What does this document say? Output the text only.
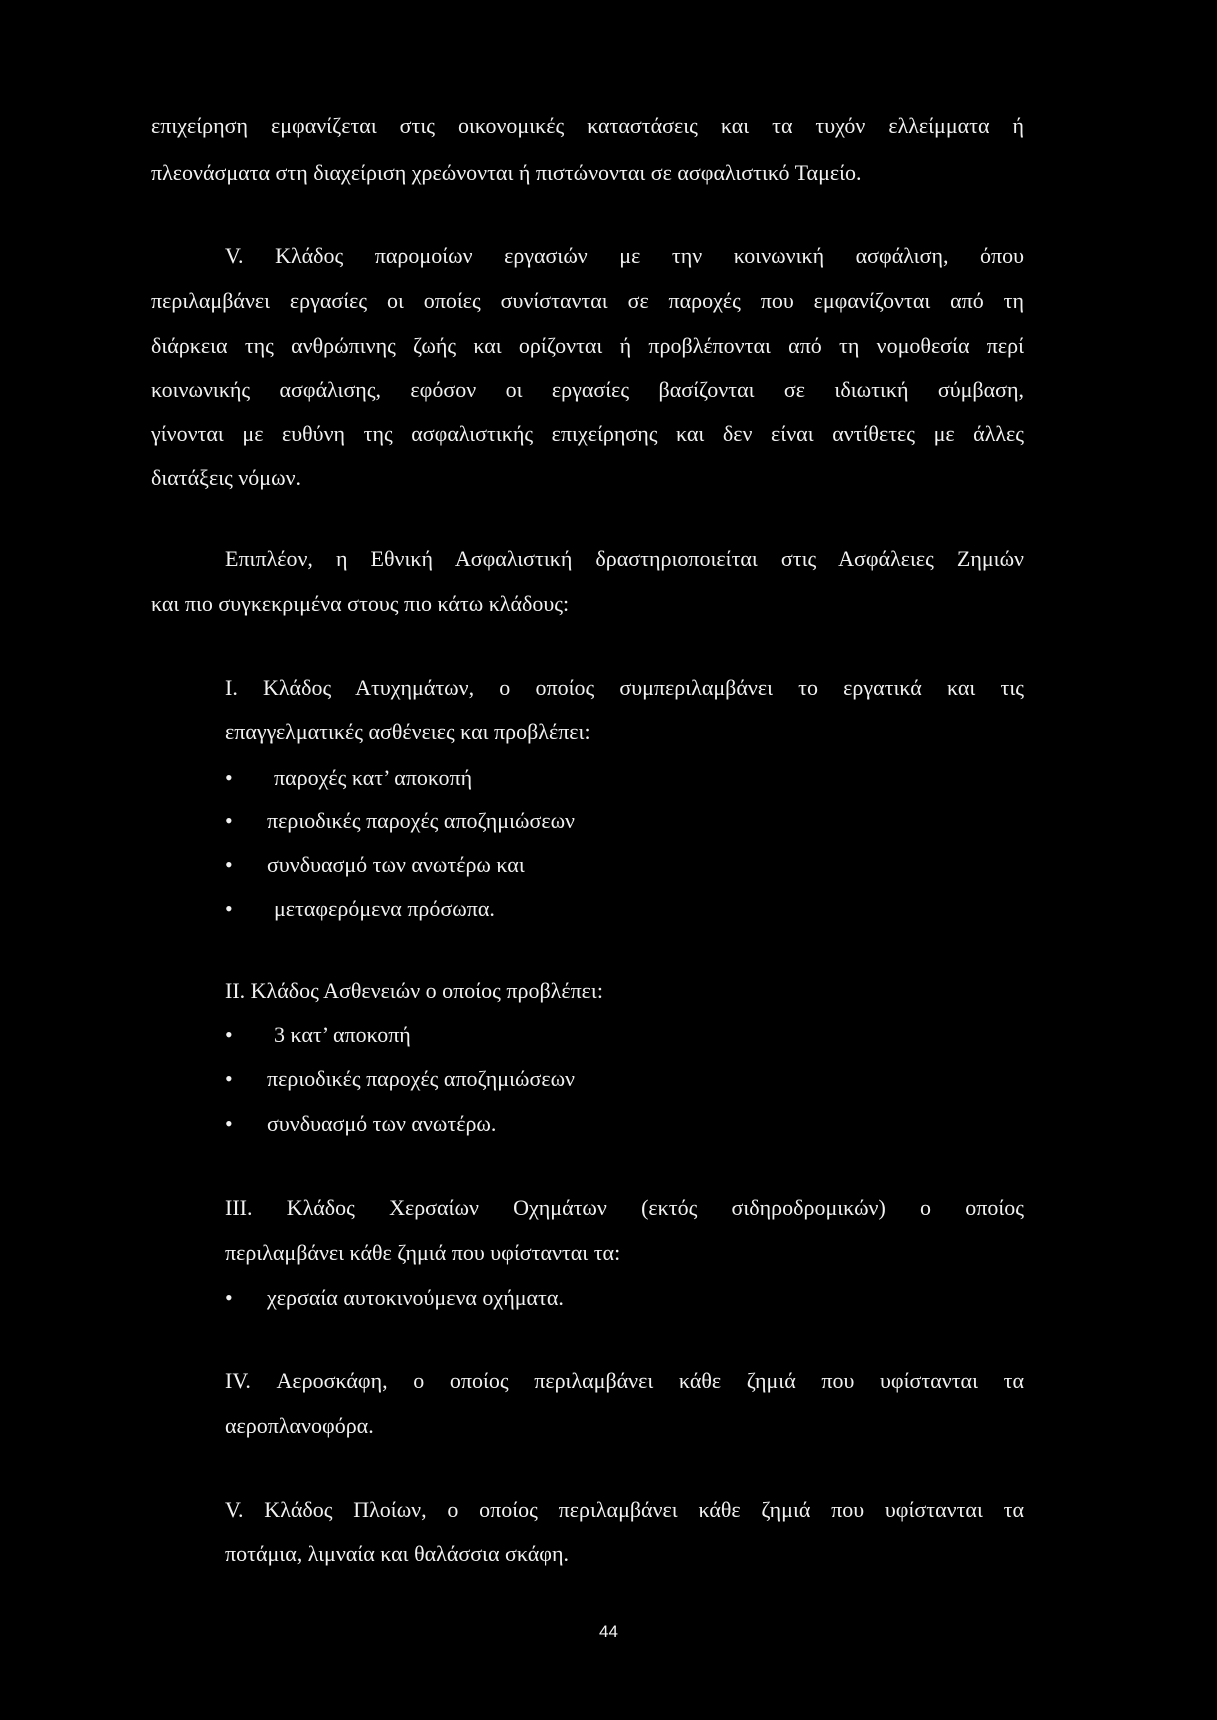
επιχείρηση εμφανίζεται στις οικονομικές καταστάσεις και τα τυχόν ελλείμματα ή

πλεονάσματα στη διαχείριση χρεώνονται ή πιστώνονται σε ασφαλιστικό Ταμείο.

V. Κλάδος παρομοίων εργασιών με την κοινωνική ασφάλιση, όπου

περιλαμβάνει εργασίες οι οποίες συνίστανται σε παροχές που εμφανίζονται από τη

διάρκεια της ανθρώπινης ζωής και ορίζονται ή προβλέπονται από τη νομοθεσία περί

κοινωνικής ασφάλισης, εφόσον οι εργασίες βασίζονται σε ιδιωτική σύμβαση,

γίνονται με ευθύνη της ασφαλιστικής επιχείρησης και δεν είναι αντίθετες με άλλες

διατάξεις νόμων.

Επιπλέον, η Εθνική Ασφαλιστική δραστηριοποιείται στις Ασφάλειες Ζημιών

και πιο συγκεκριμένα στους πιο κάτω κλάδους:

I. Κλάδος Ατυχημάτων, ο οποίος συμπεριλαμβάνει το εργατικά και τις

επαγγελματικές ασθένειες και προβλέπει:

• παροχές κατ’ αποκοπή
• περιοδικές παροχές αποζημιώσεων
• συνδυασμό των ανωτέρω και
• μεταφερόμενα πρόσωπα.

II. Κλάδος Ασθενειών ο οποίος προβλέπει:

• 3 κατ’ αποκοπή
• περιοδικές παροχές αποζημιώσεων
• συνδυασμό των ανωτέρω.

III. Κλάδος Χερσαίων Οχημάτων (εκτός σιδηροδρομικών) ο οποίος

περιλαμβάνει κάθε ζημιά που υφίστανται τα:

• χερσαία αυτοκινούμενα οχήματα.

IV. Αεροσκάφη, ο οποίος περιλαμβάνει κάθε ζημιά που υφίστανται τα

αεροπλανοφόρα.

V. Κλάδος Πλοίων, ο οποίος περιλαμβάνει κάθε ζημιά που υφίστανται τα

ποτάμια, λιμναία και θαλάσσια σκάφη.

44
